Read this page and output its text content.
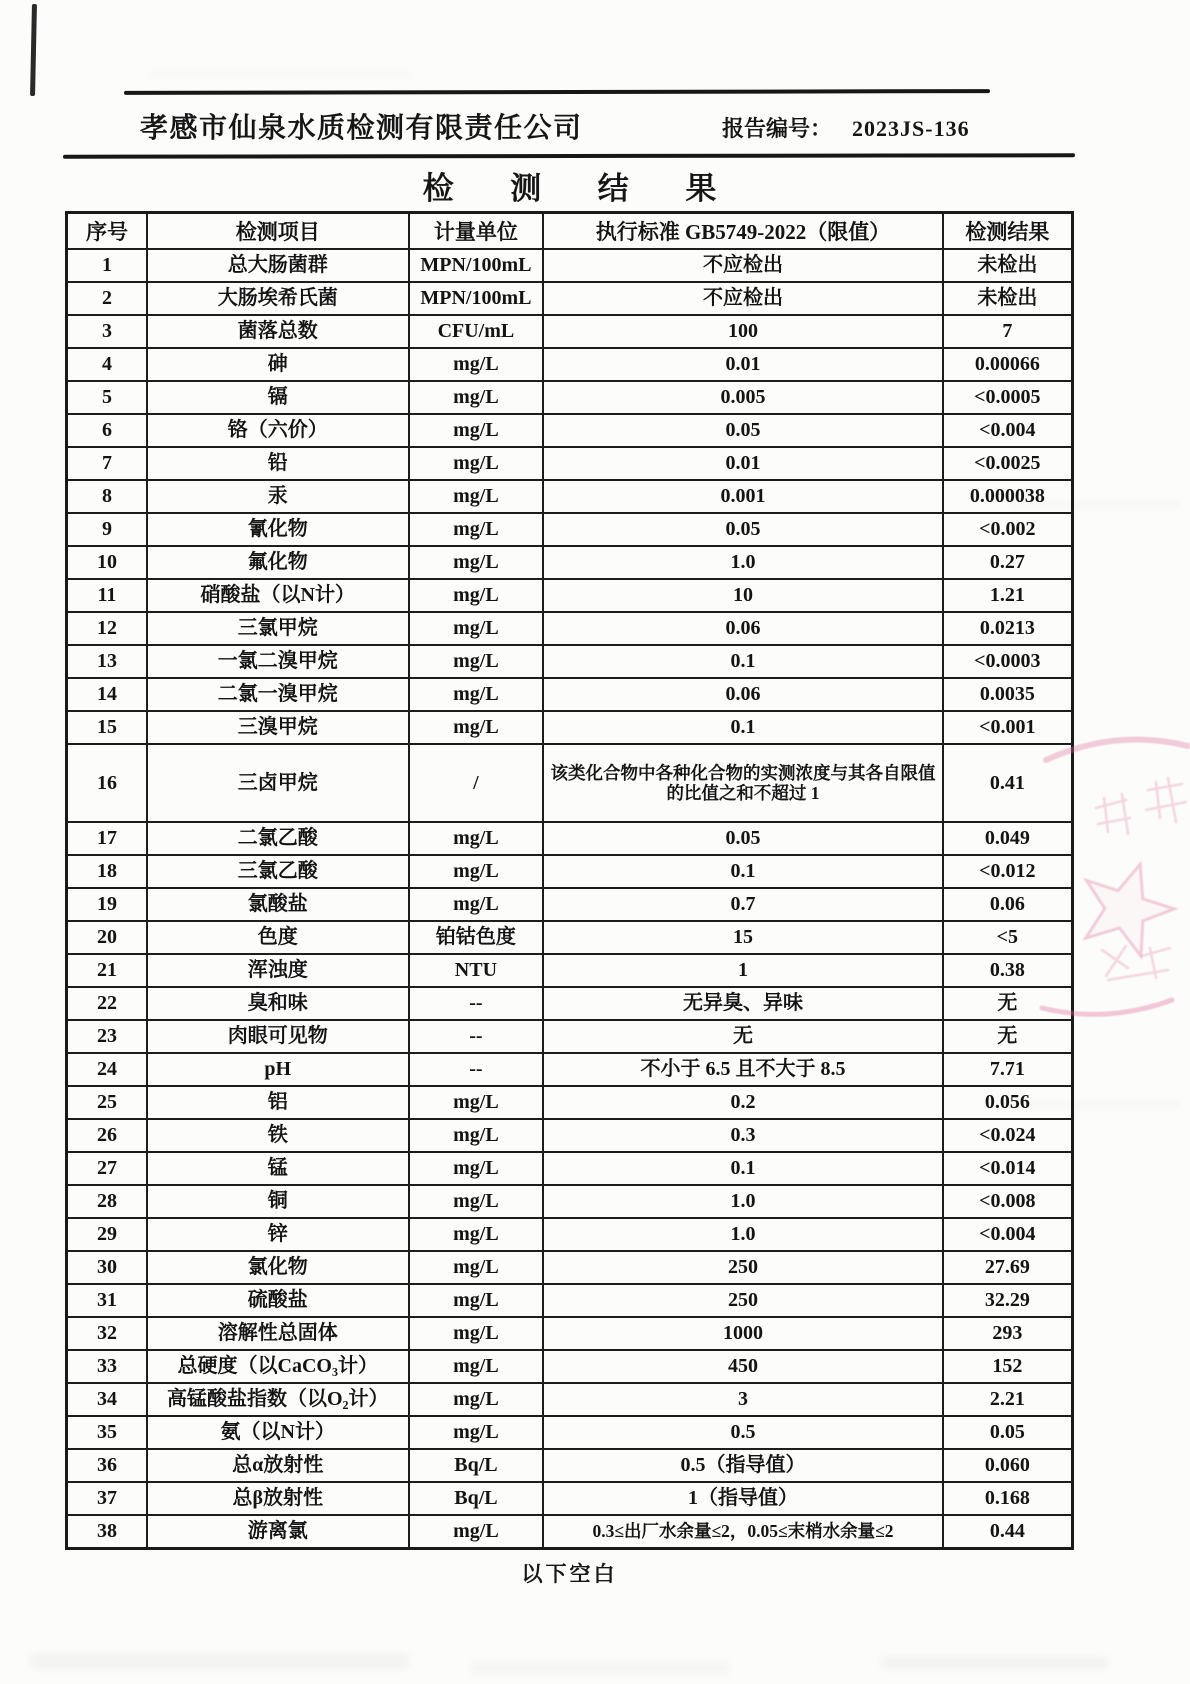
孝感市仙泉水质检测有限责任公司	报告编号： 2023JS-136
检 测 结 果
序号	检测项目	计量单位	执行标准 GB5749-2022（限值）	检测结果
1	总大肠菌群	MPN/100mL	不应检出	未检出
2	大肠埃希氏菌	MPN/100mL	不应检出	未检出
3	菌落总数	CFU/mL	100	7
4	砷	mg/L	0.01	0.00066
5	镉	mg/L	0.005	<0.0005
6	铬（六价）	mg/L	0.05	<0.004
7	铅	mg/L	0.01	<0.0025
8	汞	mg/L	0.001	0.000038
9	氰化物	mg/L	0.05	<0.002
10	氟化物	mg/L	1.0	0.27
11	硝酸盐（以N计）	mg/L	10	1.21
12	三氯甲烷	mg/L	0.06	0.0213
13	一氯二溴甲烷	mg/L	0.1	<0.0003
14	二氯一溴甲烷	mg/L	0.06	0.0035
15	三溴甲烷	mg/L	0.1	<0.001
16	三卤甲烷	/	该类化合物中各种化合物的实测浓度与其各自限值的比值之和不超过 1	0.41
17	二氯乙酸	mg/L	0.05	0.049
18	三氯乙酸	mg/L	0.1	<0.012
19	氯酸盐	mg/L	0.7	0.06
20	色度	铂钴色度	15	<5
21	浑浊度	NTU	1	0.38
22	臭和味	--	无异臭、异味	无
23	肉眼可见物	--	无	无
24	pH	--	不小于 6.5 且不大于 8.5	7.71
25	铝	mg/L	0.2	0.056
26	铁	mg/L	0.3	<0.024
27	锰	mg/L	0.1	<0.014
28	铜	mg/L	1.0	<0.008
29	锌	mg/L	1.0	<0.004
30	氯化物	mg/L	250	27.69
31	硫酸盐	mg/L	250	32.29
32	溶解性总固体	mg/L	1000	293
33	总硬度（以CaCO₃计）	mg/L	450	152
34	高锰酸盐指数（以O₂计）	mg/L	3	2.21
35	氨（以N计）	mg/L	0.5	0.05
36	总α放射性	Bq/L	0.5（指导值）	0.060
37	总β放射性	Bq/L	1（指导值）	0.168
38	游离氯	mg/L	0.3≤出厂水余量≤2，0.05≤末梢水余量≤2	0.44
以下空白
